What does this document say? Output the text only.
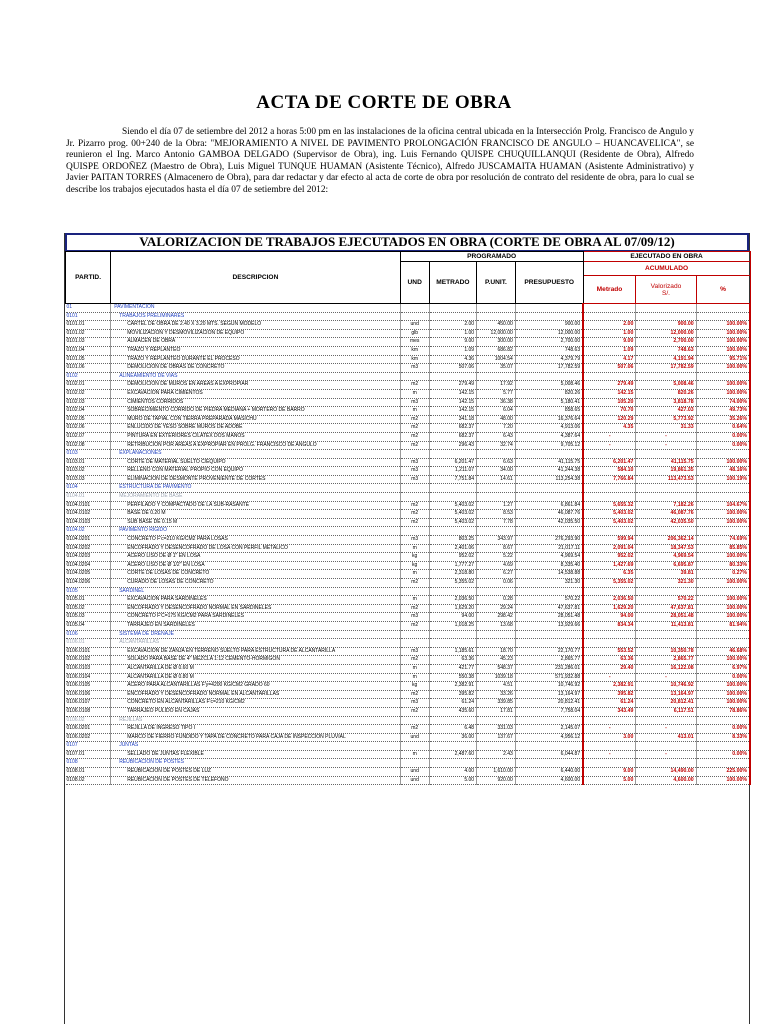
ACTA DE CORTE DE OBRA

Siendo el día 07 de setiembre del 2012 a horas 5:00 pm en las instalaciones de la oficina central ubicada en la Intersección Prolg. Francisco de Angulo y Jr. Pizarro prog. 00+240 de la Obra: "MEJORAMIENTO A NIVEL DE PAVIMENTO PROLONGACIÓN FRANCISCO DE ANGULO – HUANCAVELICA", se reunieron el Ing. Marco Antonio GAMBOA DELGADO (Supervisor de Obra), ing. Luis Fernando QUISPE CHUQUILLANQUI (Residente de Obra), Alfredo QUISPE ORDOÑEZ (Maestro de Obra), Luis Miguel TUNQUE HUAMAN (Asistente Técnico), Alfredo JUSCAMAITA HUAMAN (Asistente Administrativo) y Javier PAITAN TORRES (Almacenero de Obra), para dar redactar y dar efecto al acta de corte de obra por resolución de contrato del residente de obra, para lo cual se describe los trabajos ejecutados hasta el día 07 de setiembre del 2012:

VALORIZACION DE TRABAJOS EJECUTADOS EN OBRA (CORTE DE OBRA AL 07/09/12)
PARTID.	DESCRIPCION	PROGRAMADO				EJECUTADO EN OBRA		
		UND	METRADO	P.UNIT.	PRESUPUESTO	ACUMULADO		
						Metrado	Valorizado
S/.	%
01	PAVIMENTACION							
0101	TRABAJOS PRELIMINARES							
0101.01	CARTEL DE OBRA DE 2.40 X 3.20 MTS. SEGUN MODELO	und	2.00	450.00	900.00	2.00	900.00	100.00%
0101.02	MOVILIZACION Y DESMOVILIZACION DE EQUIPO	glb	1.00	12,000.00	12,000.00	1.00	12,000.00	100.00%
0101.03	ALMACEN DE OBRA	mes	9.00	300.00	2,700.00	9.00	2,700.00	100.00%
0101.04	TRAZO Y REPLANTEO	km	1.09	686.82	748.63	1.09	748.63	100.00%
0101.05	TRAZO Y REPLANTEO DURANTE EL PROCESO	km	4.36	1004.54	4,379.79	4.17	4,191.94	95.71%
0101.06	DEMOLICION DE OBRAS DE CONCRETO	m3	507.06	35.07	17,782.59	507.06	17,782.59	100.00%
0102	ALINEAMIENTO DE VIAS							
0102.01	DEMOLICION DE MUROS EN AREAS A EXPROPIAR	m2	279.49	17.92	5,008.46	279.49	5,008.46	100.00%
0102.02	EXCAVACION PARA CIMIENTOS	m	142.15	5.77	820.26	142.15	820.26	100.00%
0102.03	CIMIENTOS CORRIDOS	m3	142.15	36.38	5,180.41	105.20	3,818.78	74.00%
0102.04	SOBRECIMIENTO CORRIDO DE PIEDRA MEDIANA + MORTERO DE BARRO	m	142.15	6.04	858.65	70.70	427.03	49.73%
0102.05	MURO DE TAPIAL CON TIERRA PREPARADA MASICHU	m2	341.18	48.00	16,376.64	120.29	5,773.92	35.26%
0102.06	ENLUCIDO DE YESO SOBRE MUROS DE ADOBE	m2	682.37	7.20	4,913.06	4.35	31.33	0.64%
0102.07	PINTURA EN EXTERIORES C/LATEX DOS MANOS	m2	682.37	6.43	4,387.64	-	-	0.00%
0102.08	RETRIBUCION POR AREAS A EXPROPIAR EN PROLG. FRANCISCO DE ANGULO	m2	296.43	32.74	9,705.12	-	-	0.00%
0103	EXPLANACIONES							
0103.01	CORTE DE MATERIAL SUELTO C/EQUIPO	m3	6,201.47	6.63	41,115.75	6,201.47	41,115.75	100.00%
0103.02	RELLENO CON MATERIAL PROPIO CON EQUIPO	m3	1,211.07	34.00	41,244.38	584.10	19,861.35	48.16%
0103.03	ELIMINACION DE DESMONTE PROVENIENTE DE CORTES	m3	7,751.84	14.61	113,254.38	7,766.84	113,473.53	100.19%
0104	ESTRUCTURA DE PAVIMENTO							
0104.01	MEJORAMIENTO DE BASE							
0104.0101	PERFILADO Y COMPACTADO DE LA SUB-RASANTE	m2	5,403.02	1.27	6,861.84	5,655.32	7,182.26	104.67%
0104.0102	BASE DE 0.20 M	m2	5,403.02	8.53	46,087.76	5,403.02	46,087.76	100.00%
0104.0103	SUB BASE DE 0.15 M	m2	5,403.02	7.78	42,035.50	5,403.02	42,035.50	100.00%
0104.02	PAVIMENTO RIGIDO							
0104.0201	CONCRETO F'c=210 KG/CM2 PARA LOSAS	m3	803.25	343.97	276,293.90	599.94	206,362.14	74.69%
0104.0202	ENCOFRADO Y DESENCOFRADO DE LOSA CON PERFIL METALICO	m	2,401.06	8.67	21,017.11	2,091.04	18,347.53	85.85%
0104.0203	ACERO LISO DE Ø 1" EN LOSA	kg	952.02	5.22	4,969.54	952.02	4,969.54	100.00%
0104.0204	ACERO LISO DE Ø 1/2" EN LOSA	kg	1,777.27	4.69	8,335.40	1,427.69	6,695.87	80.33%
0104.0205	CORTE DE LOSAS DE CONCRETO	m	2,318.80	6.27	14,538.88	6.35	39.81	0.27%
0104.0206	CURADO DE LOSAS DE CONCRETO	m2	5,355.02	0.06	321.30	5,355.02	321.30	100.00%
0105	SARDINEL							
0105.01	EXCAVACION PARA SARDINELES	m	2,036.50	0.28	570.22	2,036.50	570.22	100.00%
0105.02	ENCOFRADO Y DESENCOFRADO NORMAL EN SARDINELES	m2	1,629.20	29.24	47,637.81	1,629.20	47,637.81	100.00%
0105.03	CONCRETO F'C=175 KG/CM2 PARA SARDINELES	m3	94.00	298.42	28,051.48	94.00	28,051.48	100.00%
0105.04	TARRAJEO EN SARDINELES	m2	1,018.25	13.68	13,929.66	834.34	11,413.81	81.94%
0106	SISTEMA DE DRENAJE							
0106.01	ALCANTARILLAS							
0106.0101	EXCAVACION DE ZANJA EN TERRENO SUELTO PARA ESTRUCTURA DE ALCANTARILLA	m3	1,185.61	18.70	22,170.77	553.52	10,350.78	46.68%
0106.0102	SOLADO PARA BASE DE 4" MEZCLA 1:12 CEMENTO-HORMIGON	m2	63.36	45.23	2,865.77	63.36	2,865.77	100.00%
0106.0103	ALCANTARILLA DE Ø 0.60 M	m	421.77	548.37	231,286.01	29.40	16,122.08	6.97%
0106.0104	ALCANTARILLA DE Ø 0.80 M	m	550.38	1039.18	571,932.88	-	-	0.00%
0106.0105	ACERO PARA ALCANTARILLAS F'y=4200 KG/CM2 GRADO 60	kg	2,382.91	4.51	10,746.92	2,382.91	10,746.92	100.00%
0106.0106	ENCOFRADO Y DESENCOFRADO NORMAL EN ALCANTARILLAS	m2	395.82	33.26	13,164.97	395.82	13,164.97	100.00%
0106.0107	CONCRETO EN ALCANTARILLAS F'c=210 KG/CM2	m3	61.24	339.85	20,812.41	61.24	20,812.41	100.00%
0106.0108	TARRAJEO PULIDO EN CAJAS	m2	435.60	17.81	7,758.04	343.49	6,117.51	78.86%
0106.02	REJILLAS							
0106.0201	REJILLA DE INGRESO TIPO I	m2	6.48	331.03	2,145.07	-	-	0.00%
0106.0202	MARCO DE FIERRO FUNDIDO Y TAPA DE CONCRETO PARA CAJA DE INSPECCION PLUVIAL	und	36.00	137.67	4,956.12	3.00	413.01	8.33%
0107	JUNTAS							
0107.01	SELLADO DE JUNTAS FLEXIBLE	m	2,487.60	2.43	6,044.87	-	-	0.00%
0108	REUBICACION DE POSTES							
0108.01	REUBICACION DE POSTES DE LUZ	und	4.00	1,610.00	6,440.00	9.00	14,490.00	225.00%
0108.02	REUBICACION DE POSTES DE TELEFONO	und	5.00	920.00	4,600.00	5.00	4,600.00	100.00%
